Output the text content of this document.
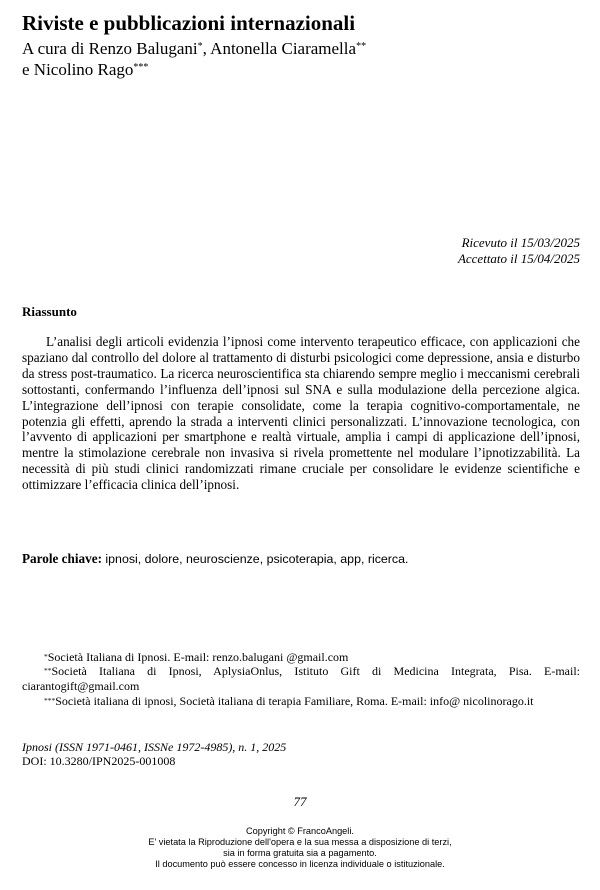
Riviste e pubblicazioni internazionali
A cura di Renzo Balugani*, Antonella Ciaramella**
e Nicolino Rago***
Ricevuto il 15/03/2025
Accettato il 15/04/2025
Riassunto

L’analisi degli articoli evidenzia l’ipnosi come intervento terapeutico efficace, con applicazioni che spaziano dal controllo del dolore al trattamento di disturbi psicologici come depressione, ansia e disturbo da stress post-traumatico. La ricerca neuroscientifica sta chiarendo sempre meglio i meccanismi cerebrali sottostanti, confermando l’influenza dell’ipnosi sul SNA e sulla modulazione della percezione algica. L’integrazione dell’ipnosi con terapie consolidate, come la terapia cognitivo-comportamentale, ne potenzia gli effetti, aprendo la strada a interventi clinici personalizzati. L’innovazione tecnologica, con l’avvento di applicazioni per smartphone e realtà virtuale, amplia i campi di applicazione dell’ipnosi, mentre la stimolazione cerebrale non invasiva si rivela promettente nel modulare l’ipnotizzabilità. La necessità di più studi clinici randomizzati rimane cruciale per consolidare le evidenze scientifiche e ottimizzare l’efficacia clinica dell’ipnosi.

Parole chiave: ipnosi, dolore, neuroscienze, psicoterapia, app, ricerca.
*Società Italiana di Ipnosi. E-mail: renzo.balugani @gmail.com
**Società Italiana di Ipnosi, AplysiaOnlus, Istituto Gift di Medicina Integrata, Pisa. E-mail: ciarantogift@gmail.com
***Società italiana di ipnosi, Società italiana di terapia Familiare, Roma. E-mail: info@ nicolinorago.it
Ipnosi (ISSN 1971-0461, ISSNe 1972-4985), n. 1, 2025
DOI: 10.3280/IPN2025-001008
77
Copyright © FrancoAngeli.
E' vietata la Riproduzione dell'opera e la sua messa a disposizione di terzi,
sia in forma gratuita sia a pagamento.
Il documento può essere concesso in licenza individuale o istituzionale.
